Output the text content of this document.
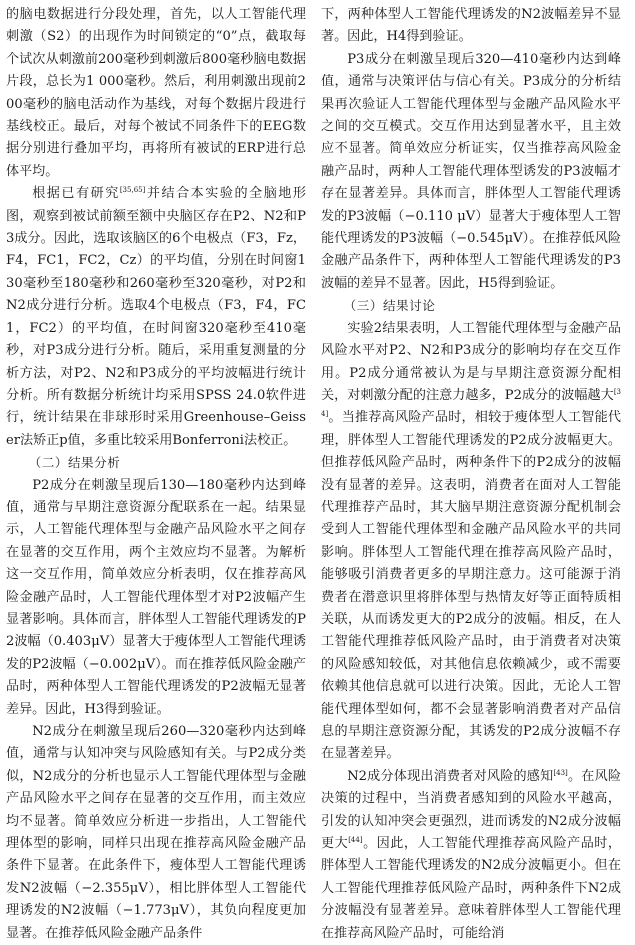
的脑电数据进行分段处理，首先，以人工智能代理刺激（S2）的出现作为时间锁定的“0”点，截取每个试次从刺激前200毫秒到刺激后800毫秒脑电数据片段，总长为1 000毫秒。然后，利用刺激出现前200毫秒的脑电活动作为基线，对每个数据片段进行基线校正。最后，对每个被试不同条件下的EEG数据分别进行叠加平均，再将所有被试的ERP进行总体平均。

根据已有研究[35,65]并结合本实验的全脑地形图，观察到被试前额至额中央脑区存在P2、N2和P3成分。因此，选取该脑区的6个电极点（F3，Fz，F4，FC1，FC2，Cz）的平均值，分别在时间窗130毫秒至180毫秒和260毫秒至320毫秒，对P2和N2成分进行分析。选取4个电极点（F3，F4，FC1，FC2）的平均值，在时间窗320毫秒至410毫秒，对P3成分进行分析。随后，采用重复测量的分析方法，对P2、N2和P3成分的平均波幅进行统计分析。所有数据分析统计均采用SPSS 24.0软件进行，统计结果在非球形时采用Greenhouse–Geisser法矫正p值，多重比较采用Bonferroni法校正。

（二）结果分析

P2成分在刺激呈现后130—180毫秒内达到峰值，通常与早期注意资源分配联系在一起。结果显示，人工智能代理体型与金融产品风险水平之间存在显著的交互作用，两个主效应均不显著。为解析这一交互作用，简单效应分析表明，仅在推荐高风险金融产品时，人工智能代理体型才对P2波幅产生显著影响。具体而言，胖体型人工智能代理诱发的P2波幅（0.403μV）显著大于瘦体型人工智能代理诱发的P2波幅（−0.002μV）。而在推荐低风险金融产品时，两种体型人工智能代理诱发的P2波幅无显著差异。因此，H3得到验证。

N2成分在刺激呈现后260—320毫秒内达到峰值，通常与认知冲突与风险感知有关。与P2成分类似，N2成分的分析也显示人工智能代理体型与金融产品风险水平之间存在显著的交互作用，而主效应均不显著。简单效应分析进一步指出，人工智能代理体型的影响，同样只出现在推荐高风险金融产品条件下显著。在此条件下，瘦体型人工智能代理诱发N2波幅（−2.355μV），相比胖体型人工智能代理诱发的N2波幅（−1.773μV），其负向程度更加显著。在推荐低风险金融产品条件

下，两种体型人工智能代理诱发的N2波幅差异不显著。因此，H4得到验证。

P3成分在刺激呈现后320—410毫秒内达到峰值，通常与决策评估与信心有关。P3成分的分析结果再次验证人工智能代理体型与金融产品风险水平之间的交互模式。交互作用达到显著水平，且主效应不显著。简单效应分析证实，仅当推荐高风险金融产品时，两种人工智能代理体型诱发的P3波幅才存在显著差异。具体而言，胖体型人工智能代理诱发的P3波幅（−0.110 μV）显著大于瘦体型人工智能代理诱发的P3波幅（−0.545μV）。在推荐低风险金融产品条件下，两种体型人工智能代理诱发的P3波幅的差异不显著。因此，H5得到验证。

（三）结果讨论

实验2结果表明，人工智能代理体型与金融产品风险水平对P2、N2和P3成分的影响均存在交互作用。P2成分通常被认为是与早期注意资源分配相关，对刺激分配的注意力越多，P2成分的波幅越大[34]。当推荐高风险产品时，相较于瘦体型人工智能代理，胖体型人工智能代理诱发的P2成分波幅更大。但推荐低风险产品时，两种条件下的P2成分的波幅没有显著的差异。这表明，消费者在面对人工智能代理推荐产品时，其大脑早期注意资源分配机制会受到人工智能代理体型和金融产品风险水平的共同影响。胖体型人工智能代理在推荐高风险产品时，能够吸引消费者更多的早期注意力。这可能源于消费者在潜意识里将胖体型与热情友好等正面特质相关联，从而诱发更大的P2成分的波幅。相反，在人工智能代理推荐低风险产品时，由于消费者对决策的风险感知较低，对其他信息依赖减少，或不需要依赖其他信息就可以进行决策。因此，无论人工智能代理体型如何，都不会显著影响消费者对产品信息的早期注意资源分配，其诱发的P2成分波幅不存在显著差异。

N2成分体现出消费者对风险的感知[43]。在风险决策的过程中，当消费者感知到的风险水平越高，引发的认知冲突会更强烈，进而诱发的N2成分波幅更大[44]。因此，人工智能代理推荐高风险产品时，胖体型人工智能代理诱发的N2成分波幅更小。但在人工智能代理推荐低风险产品时，两种条件下N2成分波幅没有显著差异。意味着胖体型人工智能代理在推荐高风险产品时，可能给消
